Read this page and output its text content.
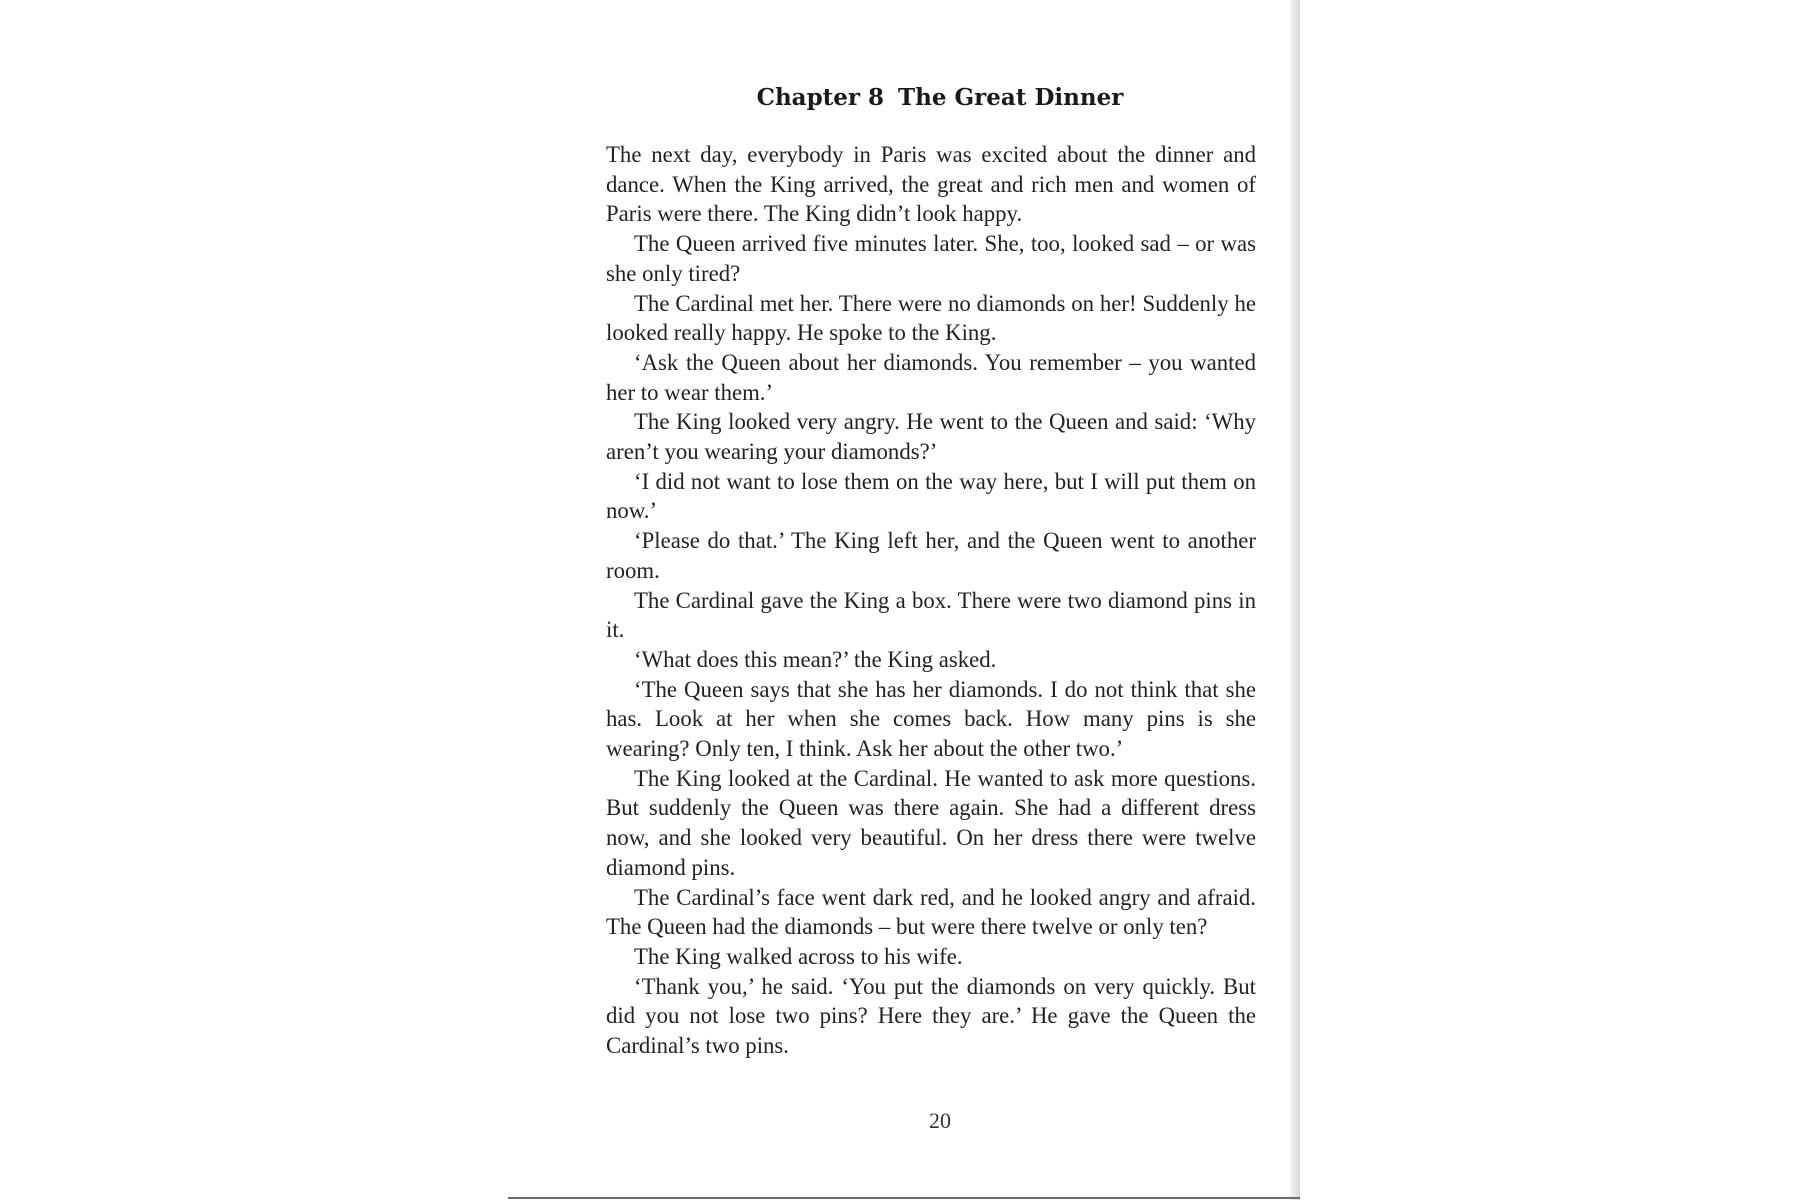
Chapter 8 The Great Dinner

The next day, everybody in Paris was excited about the dinner and dance. When the King arrived, the great and rich men and women of Paris were there. The King didn’t look happy.

The Queen arrived five minutes later. She, too, looked sad – or was she only tired?

The Cardinal met her. There were no diamonds on her! Suddenly he looked really happy. He spoke to the King.

‘Ask the Queen about her diamonds. You remember – you wanted her to wear them.’

The King looked very angry. He went to the Queen and said: ‘Why aren’t you wearing your diamonds?’

‘I did not want to lose them on the way here, but I will put them on now.’

‘Please do that.’ The King left her, and the Queen went to another room.

The Cardinal gave the King a box. There were two diamond pins in it.

‘What does this mean?’ the King asked.

‘The Queen says that she has her diamonds. I do not think that she has. Look at her when she comes back. How many pins is she wearing? Only ten, I think. Ask her about the other two.’

The King looked at the Cardinal. He wanted to ask more questions. But suddenly the Queen was there again. She had a different dress now, and she looked very beautiful. On her dress there were twelve diamond pins.

The Cardinal’s face went dark red, and he looked angry and afraid. The Queen had the diamonds – but were there twelve or only ten?

The King walked across to his wife.

‘Thank you,’ he said. ‘You put the diamonds on very quickly. But did you not lose two pins? Here they are.’ He gave the Queen the Cardinal’s two pins.

20
